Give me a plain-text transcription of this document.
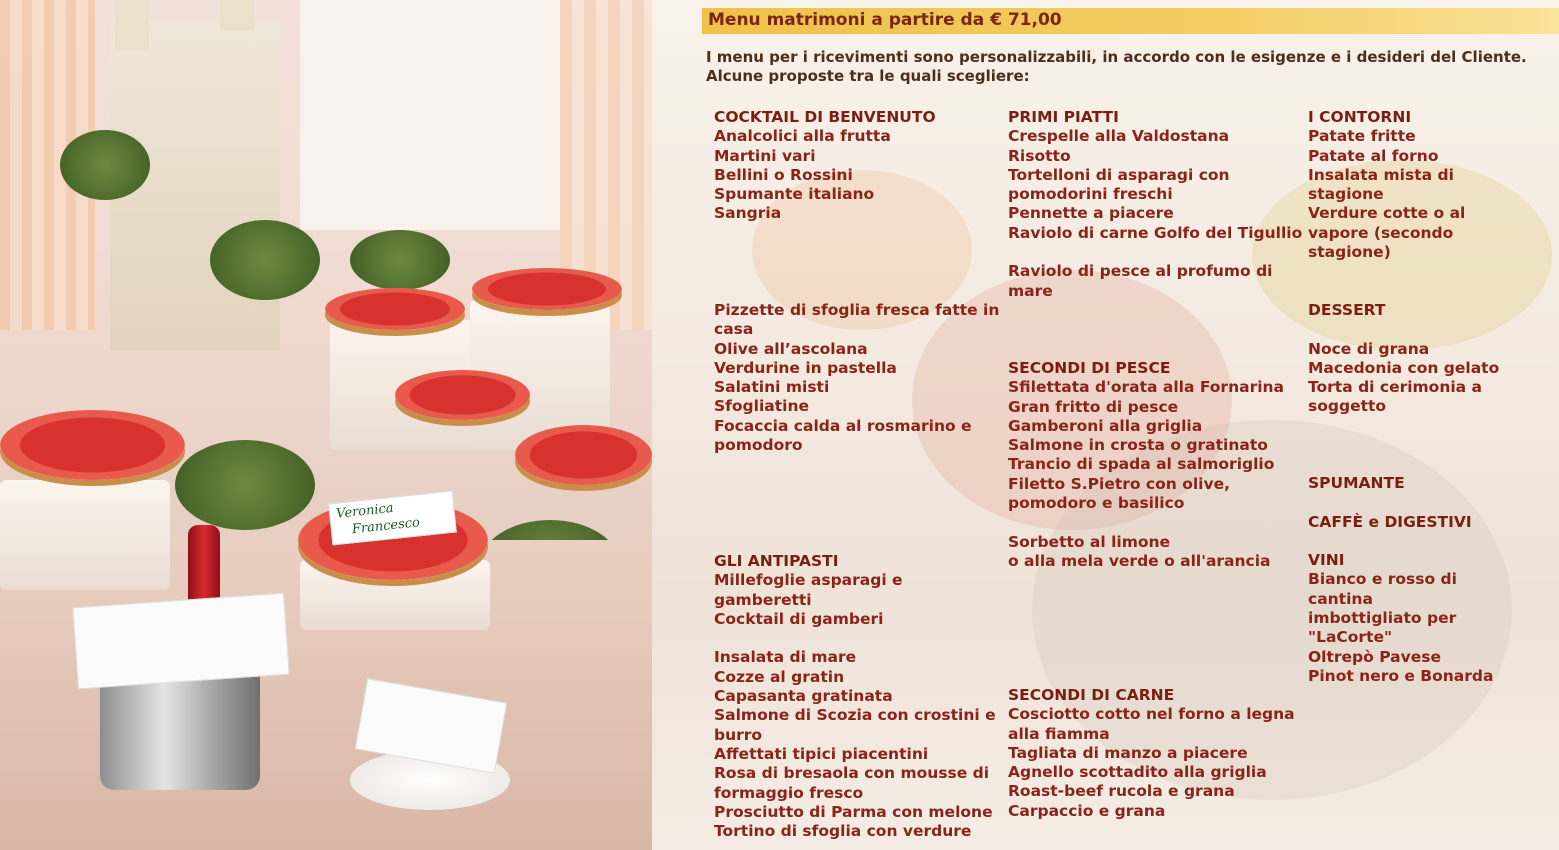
Veronica
Francesco
Menu matrimoni a partire da € 71,00
I menu per i ricevimenti sono personalizzabili, in accordo con le esigenze e i desideri del Cliente.
Alcune proposte tra le quali scegliere:
COCKTAIL DI BENVENUTO
Analcolici alla frutta
Martini vari
Bellini o Rossini
Spumante italiano
Sangria
Pizzette di sfoglia fresca fatte in
casa
Olive all’ascolana
Verdurine in pastella
Salatini misti
Sfogliatine
Focaccia calda al rosmarino e
pomodoro
GLI ANTIPASTI
Millefoglie asparagi e
gamberetti
Cocktail di gamberi
Insalata di mare
Cozze al gratin
Capasanta gratinata
Salmone di Scozia con crostini e
burro
Affettati tipici piacentini
Rosa di bresaola con mousse di
formaggio fresco
Prosciutto di Parma con melone
Tortino di sfoglia con verdure
PRIMI PIATTI
Crespelle alla Valdostana
Risotto
Tortelloni di asparagi con
pomodorini freschi
Pennette a piacere
Raviolo di carne Golfo del Tigullio
Raviolo di pesce al profumo di
mare
SECONDI DI PESCE
Sfilettata d'orata alla Fornarina
Gran fritto di pesce
Gamberoni alla griglia
Salmone in crosta o gratinato
Trancio di spada al salmoriglio
Filetto S.Pietro con olive,
pomodoro e basilico
Sorbetto al limone
o alla mela verde o all'arancia
SECONDI DI CARNE
Cosciotto cotto nel forno a legna
alla fiamma
Tagliata di manzo a piacere
Agnello scottadito alla griglia
Roast-beef rucola e grana
Carpaccio e grana
I CONTORNI
Patate fritte
Patate al forno
Insalata mista di
stagione
Verdure cotte o al
vapore (secondo
stagione)
DESSERT
Noce di grana
Macedonia con gelato
Torta di cerimonia a
soggetto
SPUMANTE
CAFFÈ e DIGESTIVI
VINI
Bianco e rosso di
cantina
imbottigliato per
"LaCorte"
Oltrepò Pavese
Pinot nero e Bonarda
